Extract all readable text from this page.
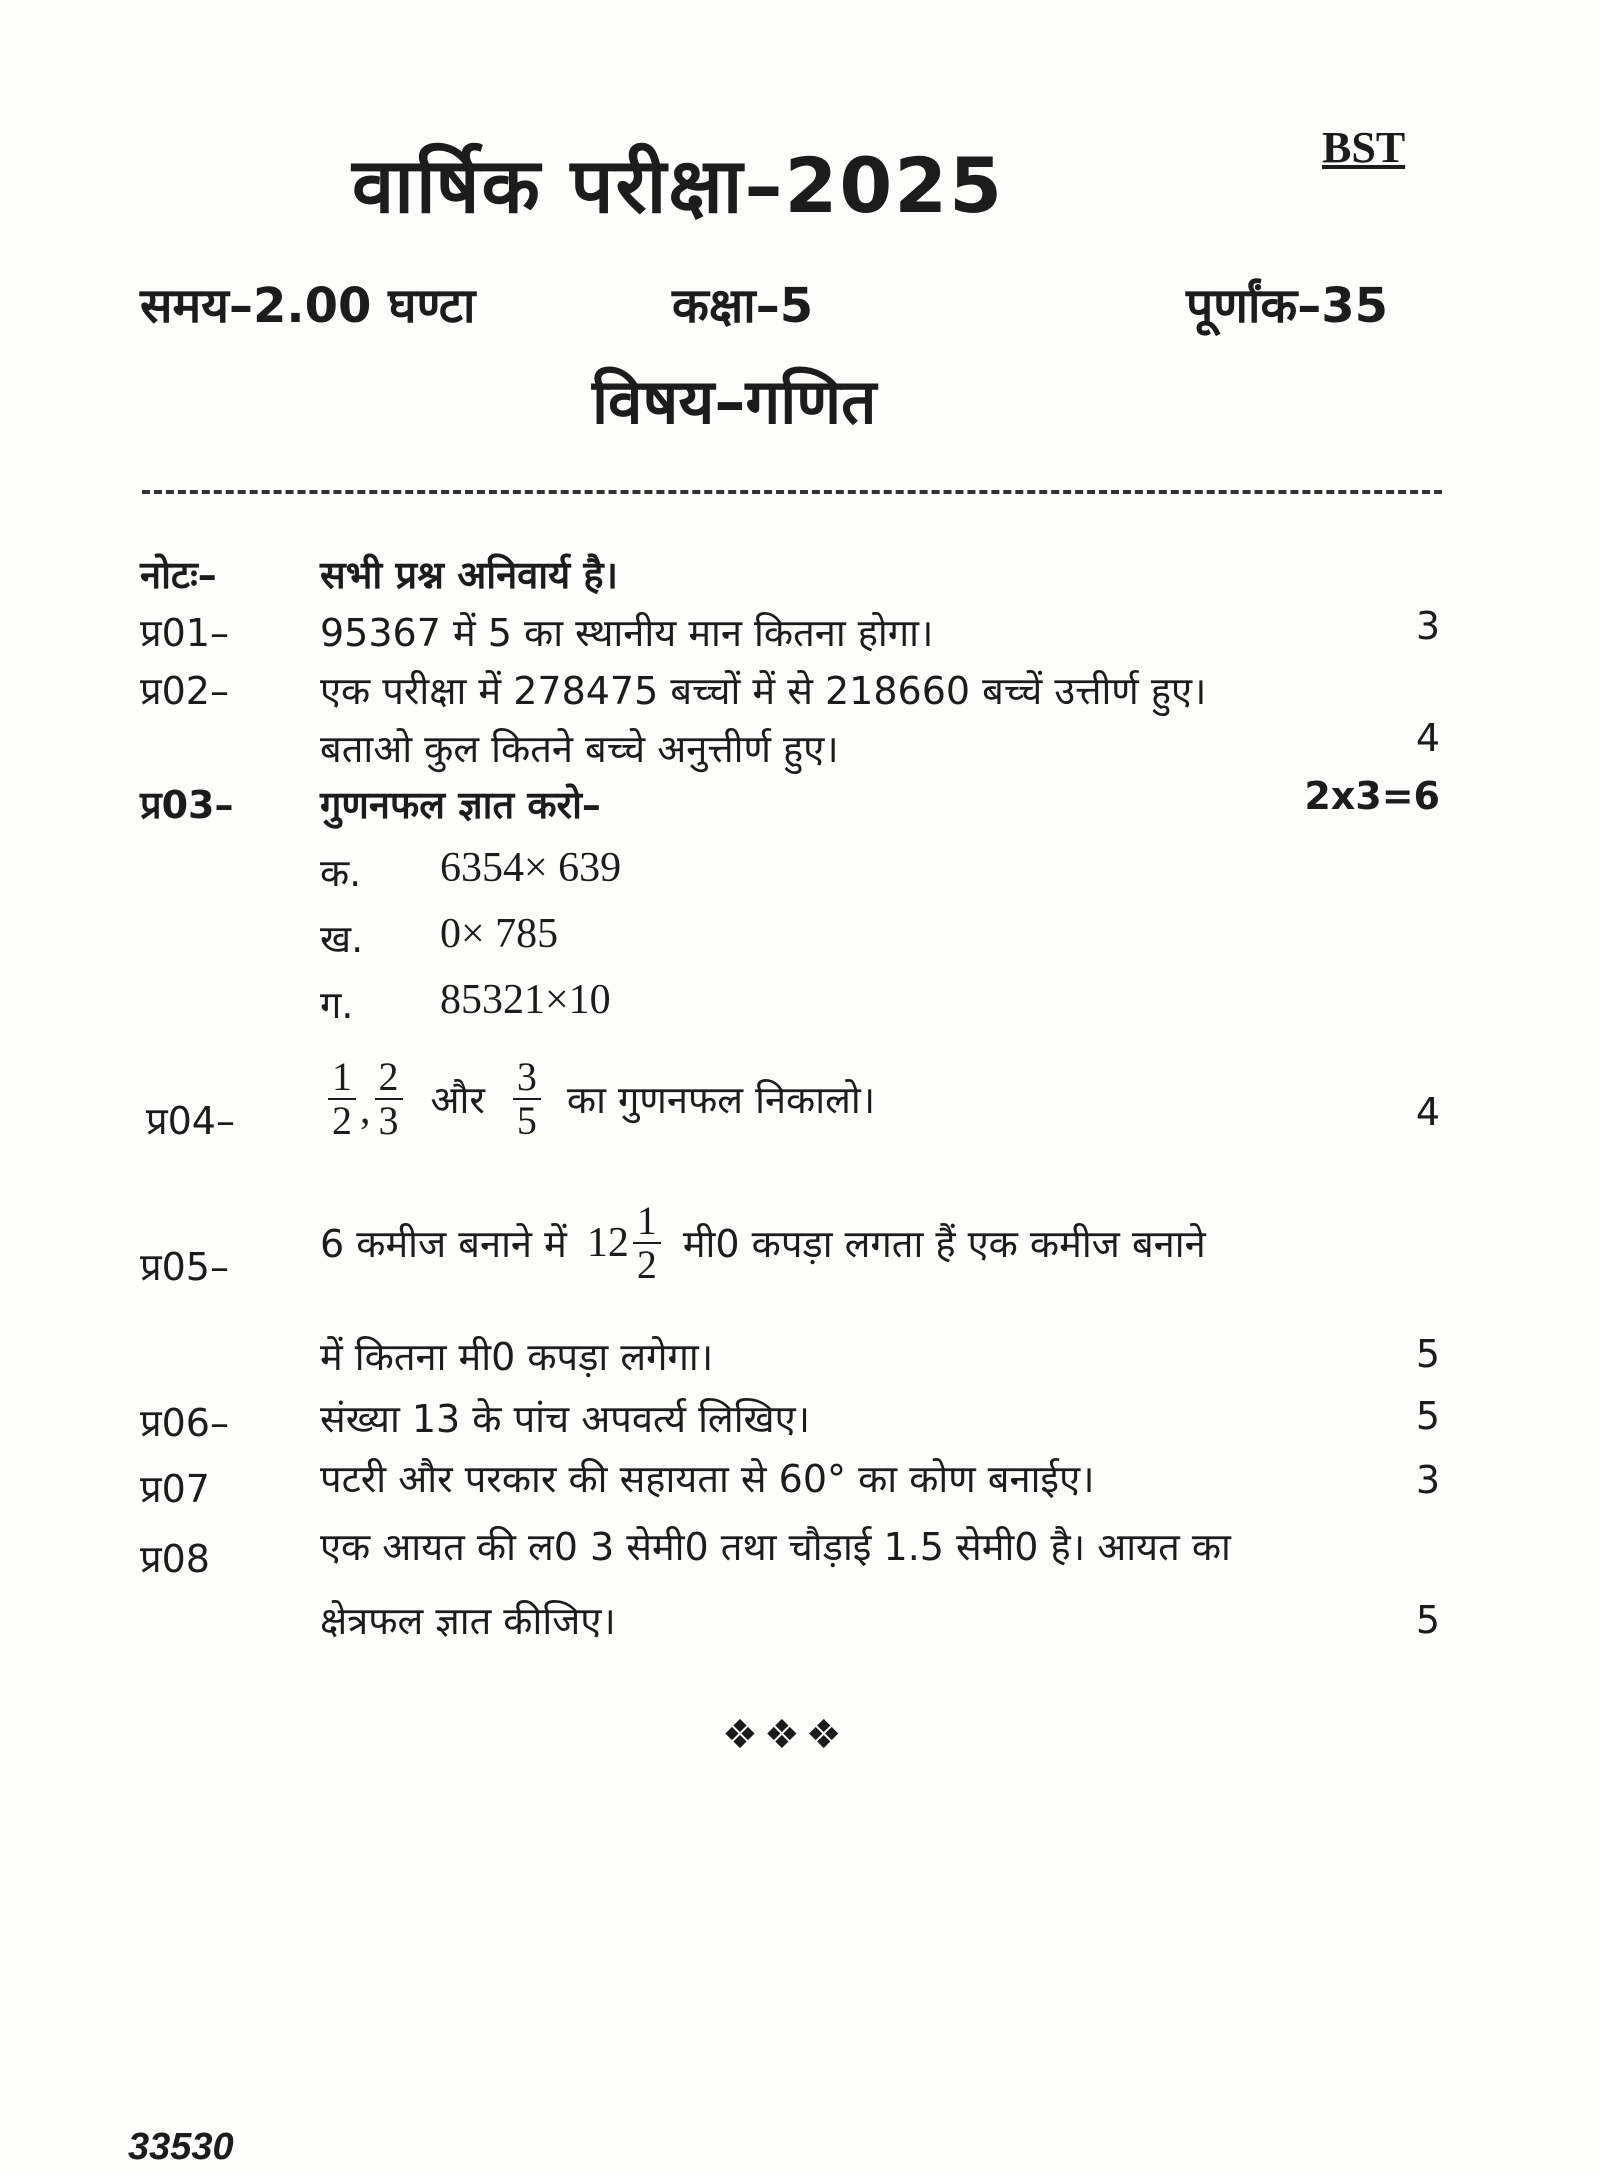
वार्षिक परीक्षा–2025	BST
समय–2.00 घण्टा	कक्षा–5	पूर्णांक–35
विषय–गणित
नोटः–	सभी प्रश्न अनिवार्य है।
प्र01– 95367 में 5 का स्थानीय मान कितना होगा।	3
प्र02– एक परीक्षा में 278475 बच्चों में से 218660 बच्चें उत्तीर्ण हुए।
बताओ कुल कितने बच्चे अनुत्तीर्ण हुए।	4
प्र03– गुणनफल ज्ञात करो–	2x3=6
क. 6354× 639
ख. 0× 785
ग. 85321×10
प्र04– $\frac{1}{2}$ , $\frac{2}{3}$ और $\frac{3}{5}$ का गुणनफल निकालो।	4
प्र05–
6 कमीज बनाने में $12 \frac{1}{2}$ मी0 कपड़ा लगता हैं एक कमीज बनाने
में कितना मी0 कपड़ा लगेगा।	5
प्र06– संख्या 13 के पांच अपवर्त्य लिखिए।	5
प्र07	पटरी और परकार की सहायता से 60° का कोण बनाईए।	3
प्र08	एक आयत की ल0 3 सेमी0 तथा चौड़ाई 1.5 सेमी0 है। आयत का
क्षेत्रफल ज्ञात कीजिए।	5
❖❖❖
33530
